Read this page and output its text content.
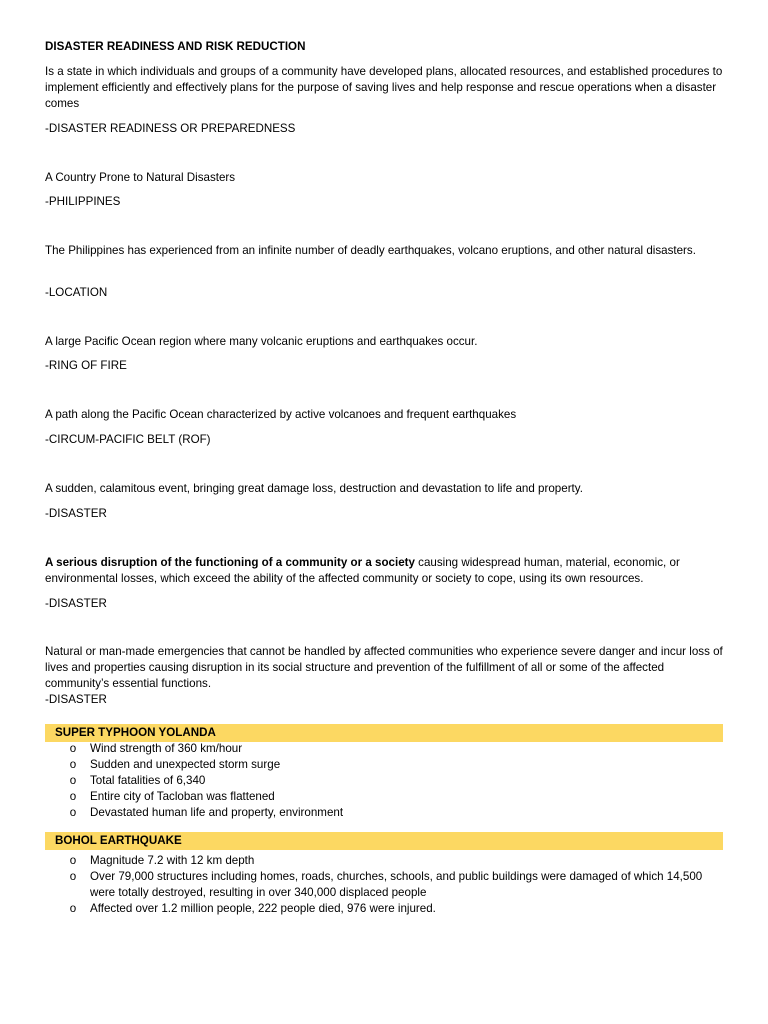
DISASTER READINESS AND RISK REDUCTION

Is a state in which individuals and groups of a community have developed plans, allocated resources, and established procedures to implement efficiently and effectively plans for the purpose of saving lives and help response and rescue operations when a disaster comes

-DISASTER READINESS OR PREPAREDNESS

A Country Prone to Natural Disasters

-PHILIPPINES

The Philippines has experienced from an infinite number of deadly earthquakes, volcano eruptions, and other natural disasters.

-LOCATION

A large Pacific Ocean region where many volcanic eruptions and earthquakes occur.

-RING OF FIRE

A path along the Pacific Ocean characterized by active volcanoes and frequent earthquakes

-CIRCUM-PACIFIC BELT (ROF)

A sudden, calamitous event, bringing great damage loss, destruction and devastation to life and property.

-DISASTER

A serious disruption of the functioning of a community or a society causing widespread human, material, economic, or environmental losses, which exceed the ability of the affected community or society to cope, using its own resources.

-DISASTER

Natural or man-made emergencies that cannot be handled by affected communities who experience severe danger and incur loss of lives and properties causing disruption in its social structure and prevention of the fulfillment of all or some of the affected community’s essential functions.

-DISASTER

SUPER TYPHOON YOLANDA
o Wind strength of 360 km/hour
o Sudden and unexpected storm surge
o Total fatalities of 6,340
o Entire city of Tacloban was flattened
o Devastated human life and property, environment
BOHOL EARTHQUAKE
o Magnitude 7.2 with 12 km depth
o Over 79,000 structures including homes, roads, churches, schools, and public buildings were damaged of which 14,500 were totally destroyed, resulting in over 340,000 displaced people
o Affected over 1.2 million people, 222 people died, 976 were injured.
